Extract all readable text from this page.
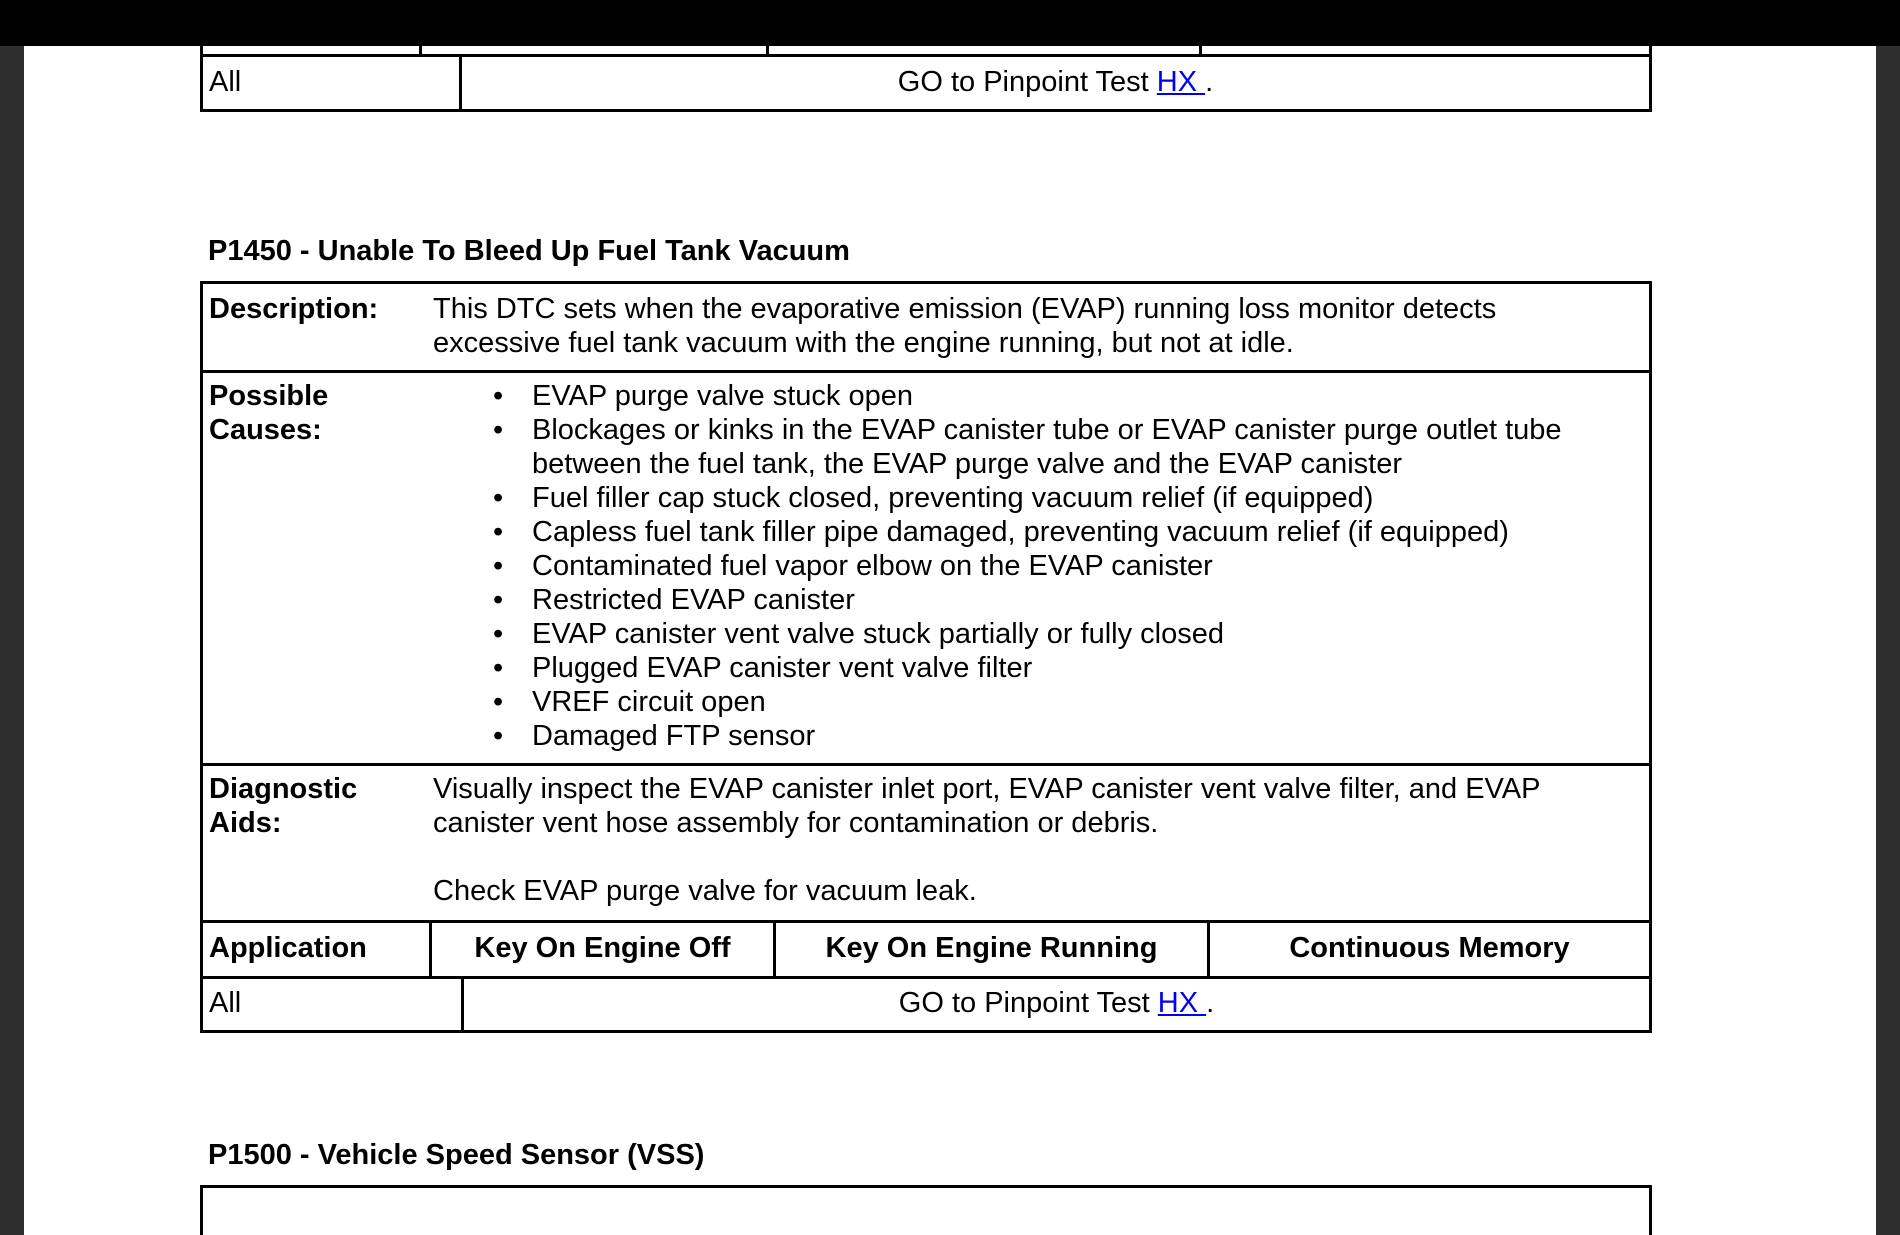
All	GO to Pinpoint Test HX .
P1450 - Unable To Bleed Up Fuel Tank Vacuum
Description:	This DTC sets when the evaporative emission (EVAP) running loss monitor detects excessive fuel tank vacuum with the engine running, but not at idle.
Possible Causes:
• EVAP purge valve stuck open
• Blockages or kinks in the EVAP canister tube or EVAP canister purge outlet tube between the fuel tank, the EVAP purge valve and the EVAP canister
• Fuel filler cap stuck closed, preventing vacuum relief (if equipped)
• Capless fuel tank filler pipe damaged, preventing vacuum relief (if equipped)
• Contaminated fuel vapor elbow on the EVAP canister
• Restricted EVAP canister
• EVAP canister vent valve stuck partially or fully closed
• Plugged EVAP canister vent valve filter
• VREF circuit open
• Damaged FTP sensor
Diagnostic Aids:

Visually inspect the EVAP canister inlet port, EVAP canister vent valve filter, and EVAP canister vent hose assembly for contamination or debris.

Check EVAP purge valve for vacuum leak.

Application	Key On Engine Off	Key On Engine Running	Continuous Memory
All	GO to Pinpoint Test HX .
P1500 - Vehicle Speed Sensor (VSS)
